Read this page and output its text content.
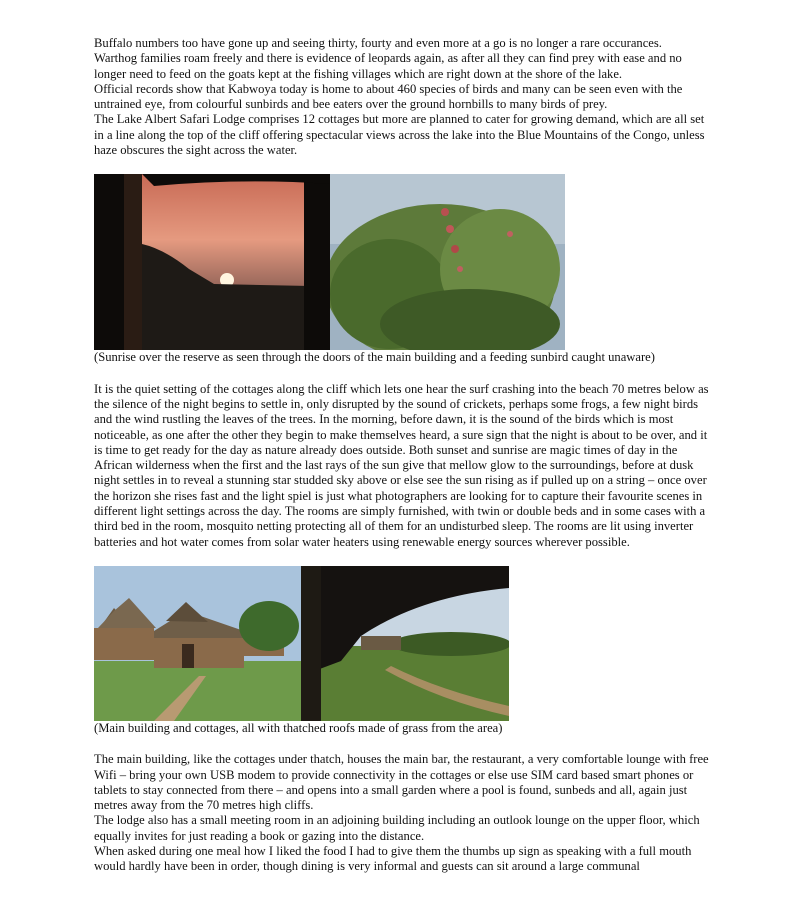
Buffalo numbers too have gone up and seeing thirty, fourty and even more at a go is no longer a rare occurances.

Warthog families roam freely and there is evidence of leopards again, as after all they can find prey with ease and no longer need to feed on the goats kept at the fishing villages which are right down at the shore of the lake.

Official records show that Kabwoya today is home to about 460 species of birds and many can be seen even with the untrained eye, from colourful sunbirds and bee eaters over the ground hornbills to many birds of prey.

The Lake Albert Safari Lodge comprises 12 cottages but more are planned to cater for growing demand, which are all set in a line along the top of the cliff offering spectacular views across the lake into the Blue Mountains of the Congo, unless haze obscures the sight across the water.

(Sunrise over the reserve as seen through the doors of the main building and a feeding sunbird caught unaware)

It is the quiet setting of the cottages along the cliff which lets one hear the surf crashing into the beach 70 metres below as the silence of the night begins to settle in, only disrupted by the sound of crickets, perhaps some frogs, a few night birds and the wind rustling the leaves of the trees. In the morning, before dawn, it is the sound of the birds which is most noticeable, as one after the other they begin to make themselves heard, a sure sign that the night is about to be over, and it is time to get ready for the day as nature already does outside. Both sunset and sunrise are magic times of day in the African wilderness when the first and the last rays of the sun give that mellow glow to the surroundings, before at dusk night settles in to reveal a stunning star studded sky above or else see the sun rising as if pulled up on a string – once over the horizon she rises fast and the light spiel is just what photographers are looking for to capture their favourite scenes in different light settings across the day. The rooms are simply furnished, with twin or double beds and in some cases with a third bed in the room, mosquito netting protecting all of them for an undisturbed sleep. The rooms are lit using inverter batteries and hot water comes from solar water heaters using renewable energy sources wherever possible.

(Main building and cottages, all with thatched roofs made of grass from the area)

The main building, like the cottages under thatch, houses the main bar, the restaurant, a very comfortable lounge with free Wifi – bring your own USB modem to provide connectivity in the cottages or else use SIM card based smart phones or tablets to stay connected from there – and opens into a small garden where a pool is found, sunbeds and all, again just metres away from the 70 metres high cliffs.

The lodge also has a small meeting room in an adjoining building including an outlook lounge on the upper floor, which equally invites for just reading a book or gazing into the distance.

When asked during one meal how I liked the food I had to give them the thumbs up sign as speaking with a full mouth would hardly have been in order, though dining is very informal and guests can sit around a large communal
